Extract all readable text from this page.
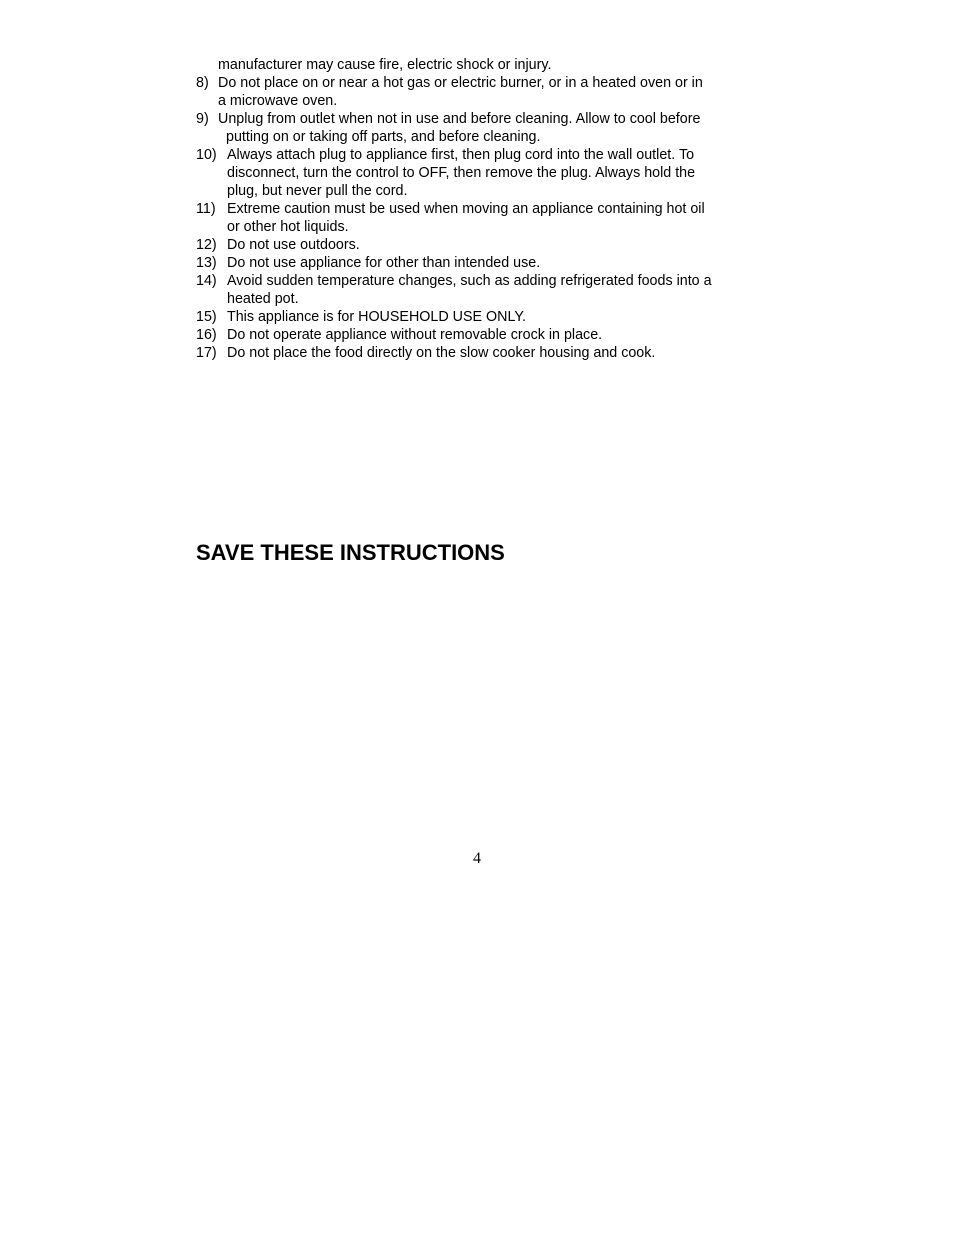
manufacturer may cause fire, electric shock or injury.
8) Do not place on or near a hot gas or electric burner, or in a heated oven or in
a microwave oven.
9) Unplug from outlet when not in use and before cleaning. Allow to cool before
putting on or taking off parts, and before cleaning.
10) Always attach plug to appliance first, then plug cord into the wall outlet. To
disconnect, turn the control to OFF, then remove the plug. Always hold the
plug, but never pull the cord.
11) Extreme caution must be used when moving an appliance containing hot oil
or other hot liquids.
12) Do not use outdoors.
13) Do not use appliance for other than intended use.
14) Avoid sudden temperature changes, such as adding refrigerated foods into a
heated pot.
15) This appliance is for HOUSEHOLD USE ONLY.
16) Do not operate appliance without removable crock in place.
17) Do not place the food directly on the slow cooker housing and cook.
SAVE THESE INSTRUCTIONS
4
